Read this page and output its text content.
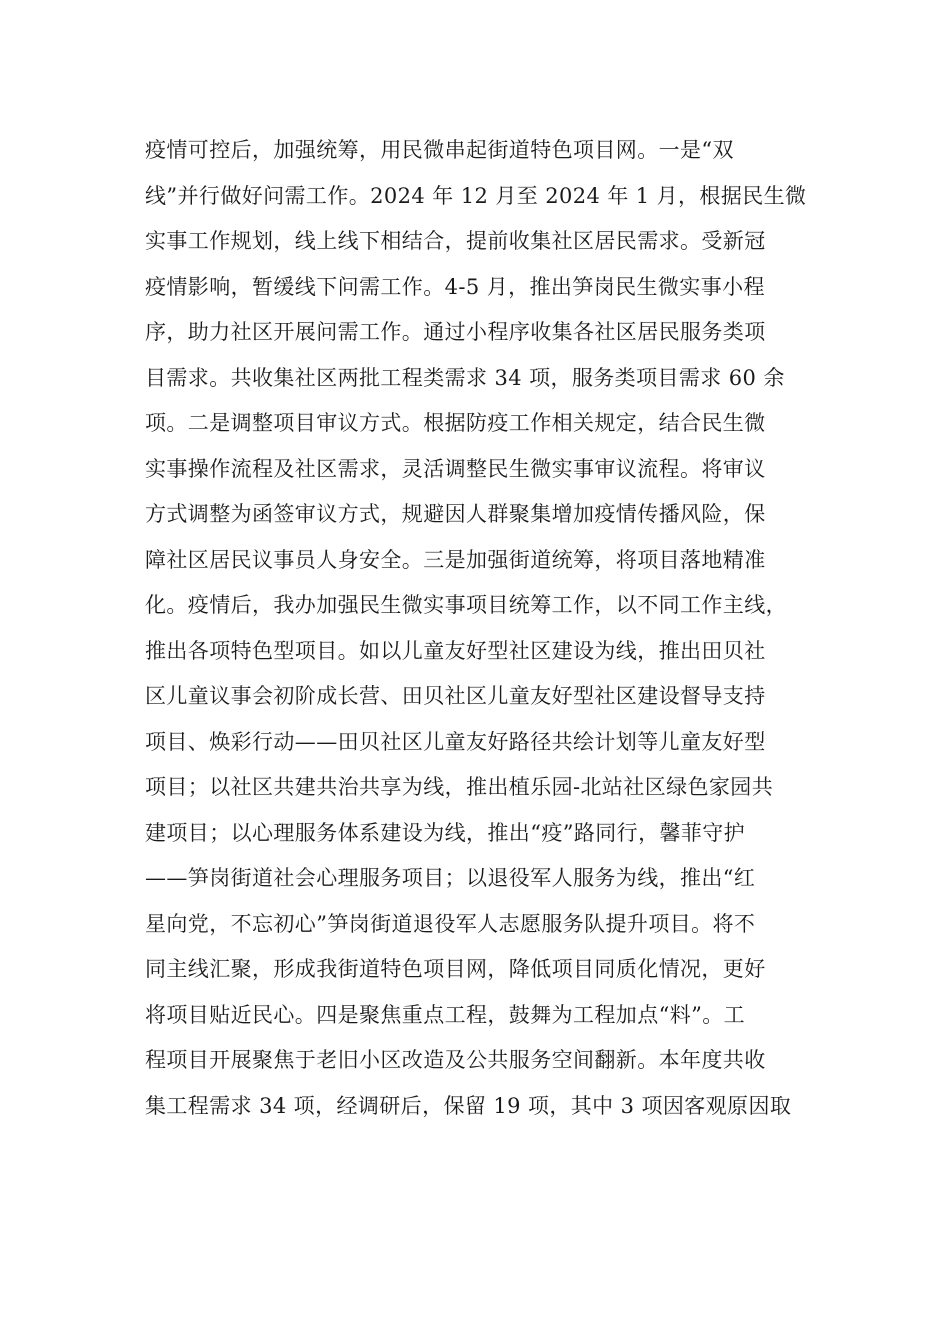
疫情可控后，加强统筹，用民微串起街道特色项目网。一是“双
线”并行做好问需工作。2024 年 12 月至 2024 年 1 月，根据民生微
实事工作规划，线上线下相结合，提前收集社区居民需求。受新冠
疫情影响，暂缓线下问需工作。4-5 月，推出笋岗民生微实事小程
序，助力社区开展问需工作。通过小程序收集各社区居民服务类项
目需求。共收集社区两批工程类需求 34 项，服务类项目需求 60 余
项。二是调整项目审议方式。根据防疫工作相关规定，结合民生微
实事操作流程及社区需求，灵活调整民生微实事审议流程。将审议
方式调整为函签审议方式，规避因人群聚集增加疫情传播风险，保
障社区居民议事员人身安全。三是加强街道统筹，将项目落地精准
化。疫情后，我办加强民生微实事项目统筹工作，以不同工作主线，
推出各项特色型项目。如以儿童友好型社区建设为线，推出田贝社
区儿童议事会初阶成长营、田贝社区儿童友好型社区建设督导支持
项目、焕彩行动——田贝社区儿童友好路径共绘计划等儿童友好型
项目；以社区共建共治共享为线，推出植乐园-北站社区绿色家园共
建项目；以心理服务体系建设为线，推出“疫”路同行，馨菲守护
——笋岗街道社会心理服务项目；以退役军人服务为线，推出“红
星向党，不忘初心”笋岗街道退役军人志愿服务队提升项目。将不
同主线汇聚，形成我街道特色项目网，降低项目同质化情况，更好
将项目贴近民心。四是聚焦重点工程，鼓舞为工程加点“料”。工
程项目开展聚焦于老旧小区改造及公共服务空间翻新。本年度共收
集工程需求 34 项，经调研后，保留 19 项，其中 3 项因客观原因取
